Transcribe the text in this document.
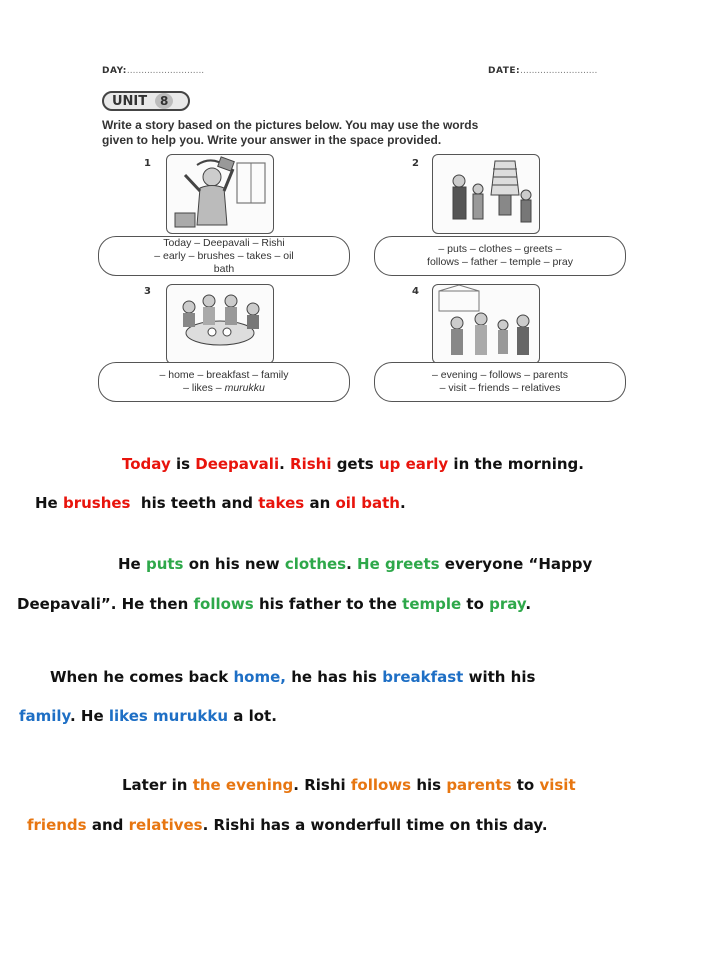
DAY:...........................	DATE:...........................
UNIT	8
Write a story based on the pictures below. You may use the words
given to help you. Write your answer in the space provided.
1
Today – Deepavali – Rishi
– early – brushes – takes – oil
bath
2
– puts – clothes – greets –
follows – father – temple – pray
3
– home – breakfast – family
– likes – murukku
4
– evening – follows – parents
– visit – friends – relatives
Today is Deepavali. Rishi gets up early in the morning.
He brushes  his teeth and takes an oil bath.
He puts on his new clothes. He greets everyone “Happy
Deepavali”. He then follows his father to the temple to pray.
When he comes back home, he has his breakfast with his
family. He likes murukku a lot.
Later in the evening. Rishi follows his parents to visit
friends and relatives. Rishi has a wonderfull time on this day.
